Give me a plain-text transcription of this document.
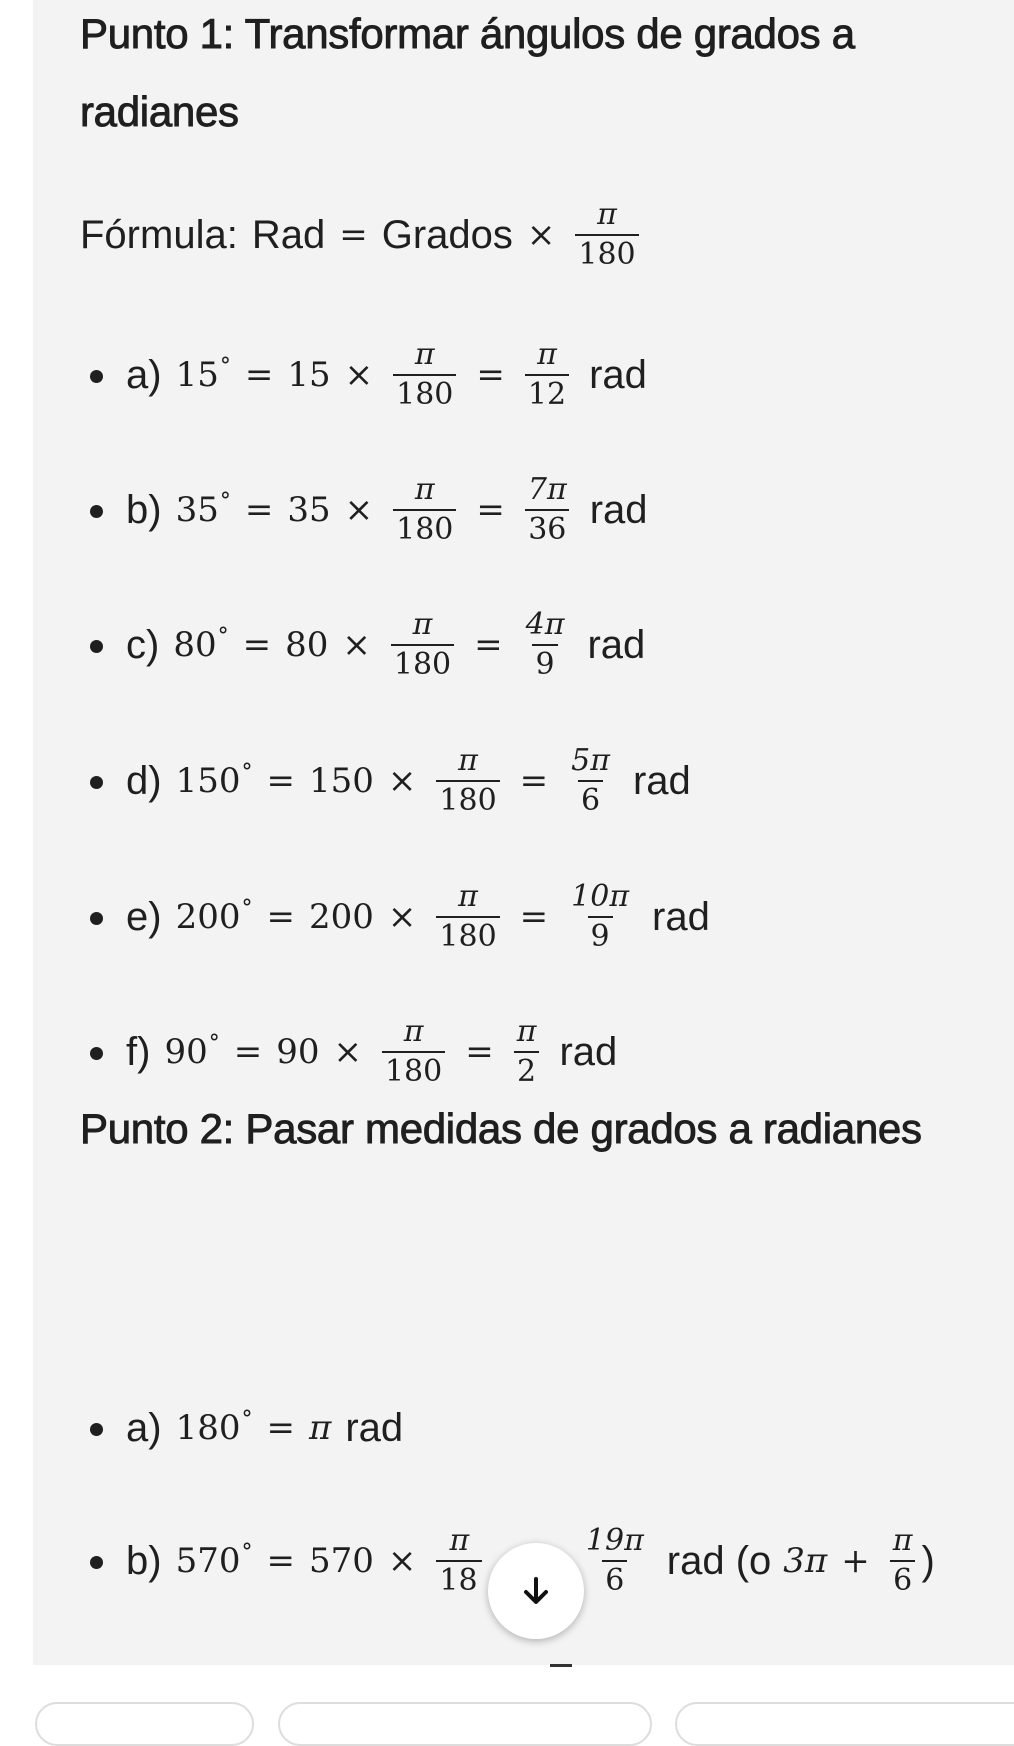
Punto 1: Transformar ángulos de grados a radianes
Fórmula: Rad = Grados × $\frac{\pi}{180}$
a) $15^\circ = 15 \times \frac{\pi}{180} = \frac{\pi}{12}$ rad
b) $35^\circ = 35 \times \frac{\pi}{180} = \frac{7\pi}{36}$ rad
c) $80^\circ = 80 \times \frac{\pi}{180} = \frac{4\pi}{9}$ rad
d) $150^\circ = 150 \times \frac{\pi}{180} = \frac{5\pi}{6}$ rad
e) $200^\circ = 200 \times \frac{\pi}{180} = \frac{10\pi}{9}$ rad
f) $90^\circ = 90 \times \frac{\pi}{180} = \frac{\pi}{2}$ rad
Punto 2: Pasar medidas de grados a radianes
a) 180° = π rad
b) $570^\circ = 570 \times \frac{\pi}{18}$	$\frac{19\pi}{6}$ rad (o $3\pi + \frac{\pi}{6}$ )
